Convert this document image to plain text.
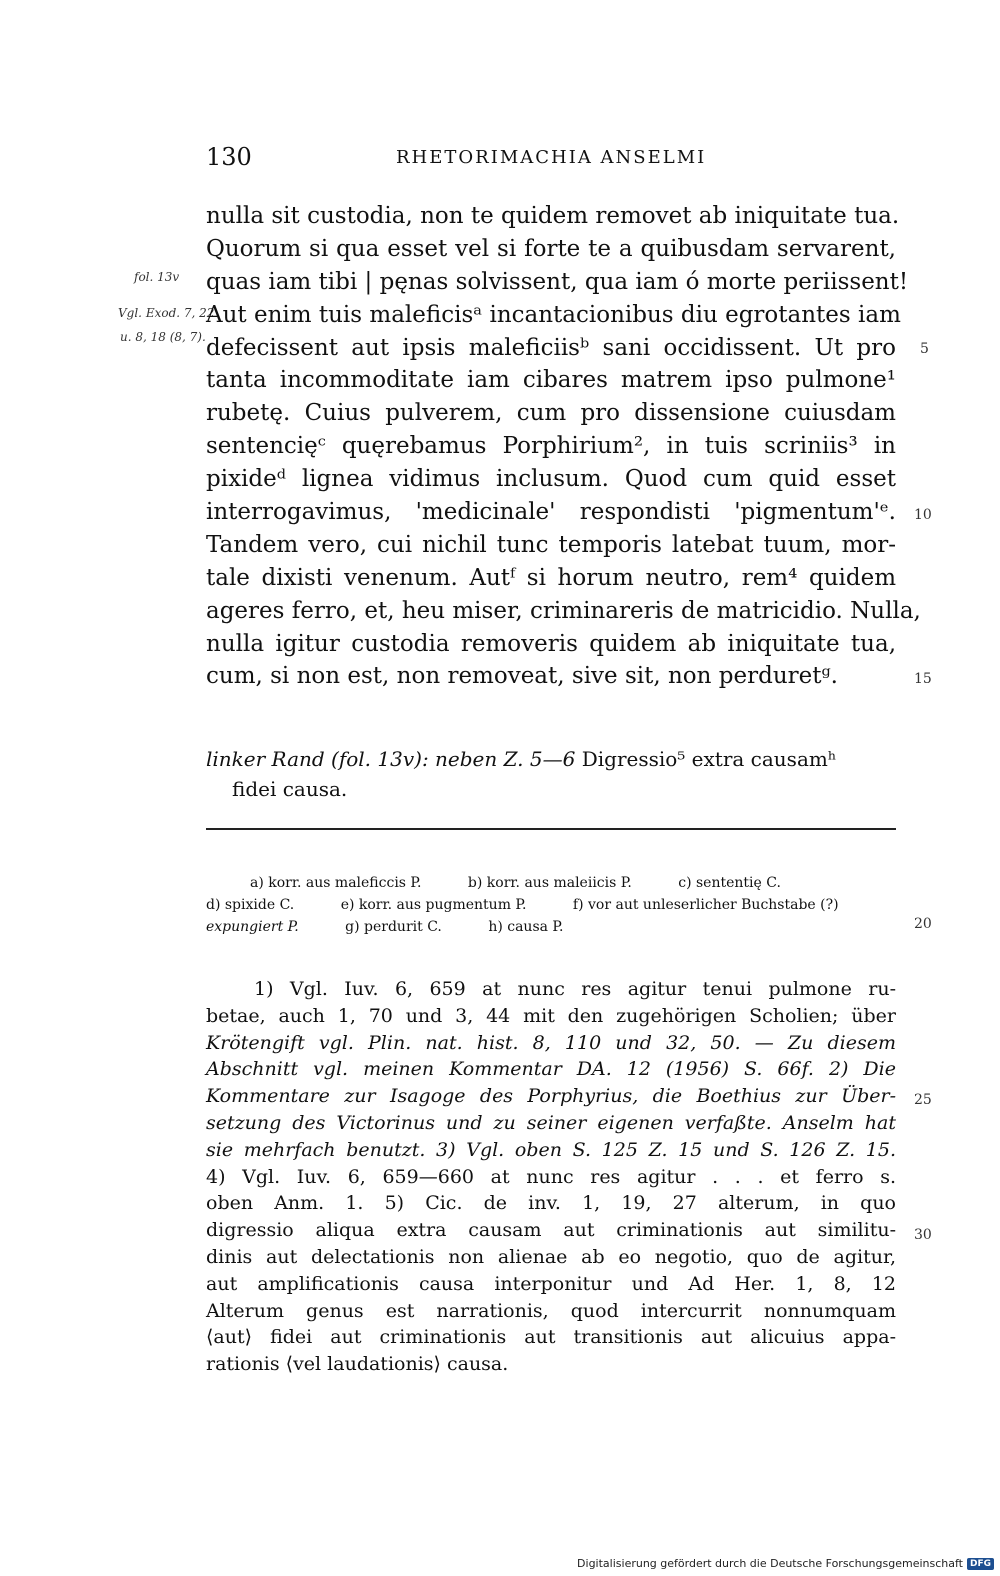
130	RHETORIMACHIA ANSELMI
fol. 13v
Vgl. Exod. 7, 22
u. 8, 18 (8, 7).
nulla sit custodia, non te quidem removet ab iniquitate tua.
Quorum si qua esset vel si forte te a quibusdam servarent,
quas iam tibi | pęnas solvissent, qua iam ó morte periissent!
Aut enim tuis maleficisᵃ incantacionibus diu egrotantes iam
defecissent aut ipsis maleficiisᵇ sani occidissent. Ut pro
tanta incommoditate iam cibares matrem ipso pulmone¹
rubetę. Cuius pulverem, cum pro dissensione cuiusdam
sentencięᶜ quęrebamus Porphirium², in tuis scriniis³ in
pixideᵈ lignea vidimus inclusum. Quod cum quid esset
interrogavimus, 'medicinale' respondisti 'pigmentum'ᵉ.
Tandem vero, cui nichil tunc temporis latebat tuum, mor-
tale dixisti venenum. Autᶠ si horum neutro, rem⁴ quidem
ageres ferro, et, heu miser, criminareris de matricidio. Nulla,
nulla igitur custodia removeris quidem ab iniquitate tua,
cum, si non est, non removeat, sive sit, non perduretᵍ.
5
10
15
20
25
30
linker Rand (fol. 13v): neben Z. 5—6 Digressio⁵ extra causamʰ
fidei causa.
a) korr. aus maleficcis P.	b) korr. aus maleiicis P.	c) sententię C.
d) spixide C.	e) korr. aus pugmentum P.	f) vor aut unleserlicher Buchstabe (?)
expungiert P.	g) perdurit C.	h) causa P.
1) Vgl. Iuv. 6, 659 at nunc res agitur tenui pulmone ru-
betae, auch 1, 70 und 3, 44 mit den zugehörigen Scholien; über
Krötengift vgl. Plin. nat. hist. 8, 110 und 32, 50. — Zu diesem
Abschnitt vgl. meinen Kommentar DA. 12 (1956) S. 66f. 2) Die
Kommentare zur Isagoge des Porphyrius, die Boethius zur Über-
setzung des Victorinus und zu seiner eigenen verfaßte. Anselm hat
sie mehrfach benutzt. 3) Vgl. oben S. 125 Z. 15 und S. 126 Z. 15.
4) Vgl. Iuv. 6, 659—660 at nunc res agitur . . . et ferro s.
oben Anm. 1. 5) Cic. de inv. 1, 19, 27 alterum, in quo
digressio aliqua extra causam aut criminationis aut similitu-
dinis aut delectationis non alienae ab eo negotio, quo de agitur,
aut amplificationis causa interponitur und Ad Her. 1, 8, 12
Alterum genus est narrationis, quod intercurrit nonnumquam
⟨aut⟩ fidei aut criminationis aut transitionis aut alicuius appa-
rationis ⟨vel laudationis⟩ causa.
Digitalisierung gefördert durch die Deutsche Forschungsgemeinschaft DFG
